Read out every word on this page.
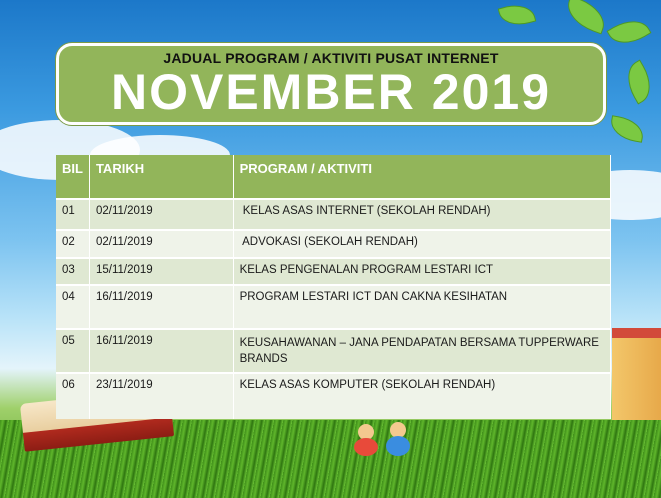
JADUAL PROGRAM / AKTIVITI PUSAT INTERNET
NOVEMBER 2019
BIL	TARIKH	PROGRAM / AKTIVITI
01	02/11/2019	KELAS ASAS INTERNET (SEKOLAH RENDAH)
02	02/11/2019	ADVOKASI (SEKOLAH RENDAH)
03	15/11/2019	KELAS PENGENALAN PROGRAM LESTARI ICT
04	16/11/2019	PROGRAM LESTARI ICT DAN CAKNA KESIHATAN
05	16/11/2019	KEUSAHAWANAN – JANA PENDAPATAN BERSAMA TUPPERWARE BRANDS
06	23/11/2019	KELAS ASAS KOMPUTER (SEKOLAH RENDAH)
